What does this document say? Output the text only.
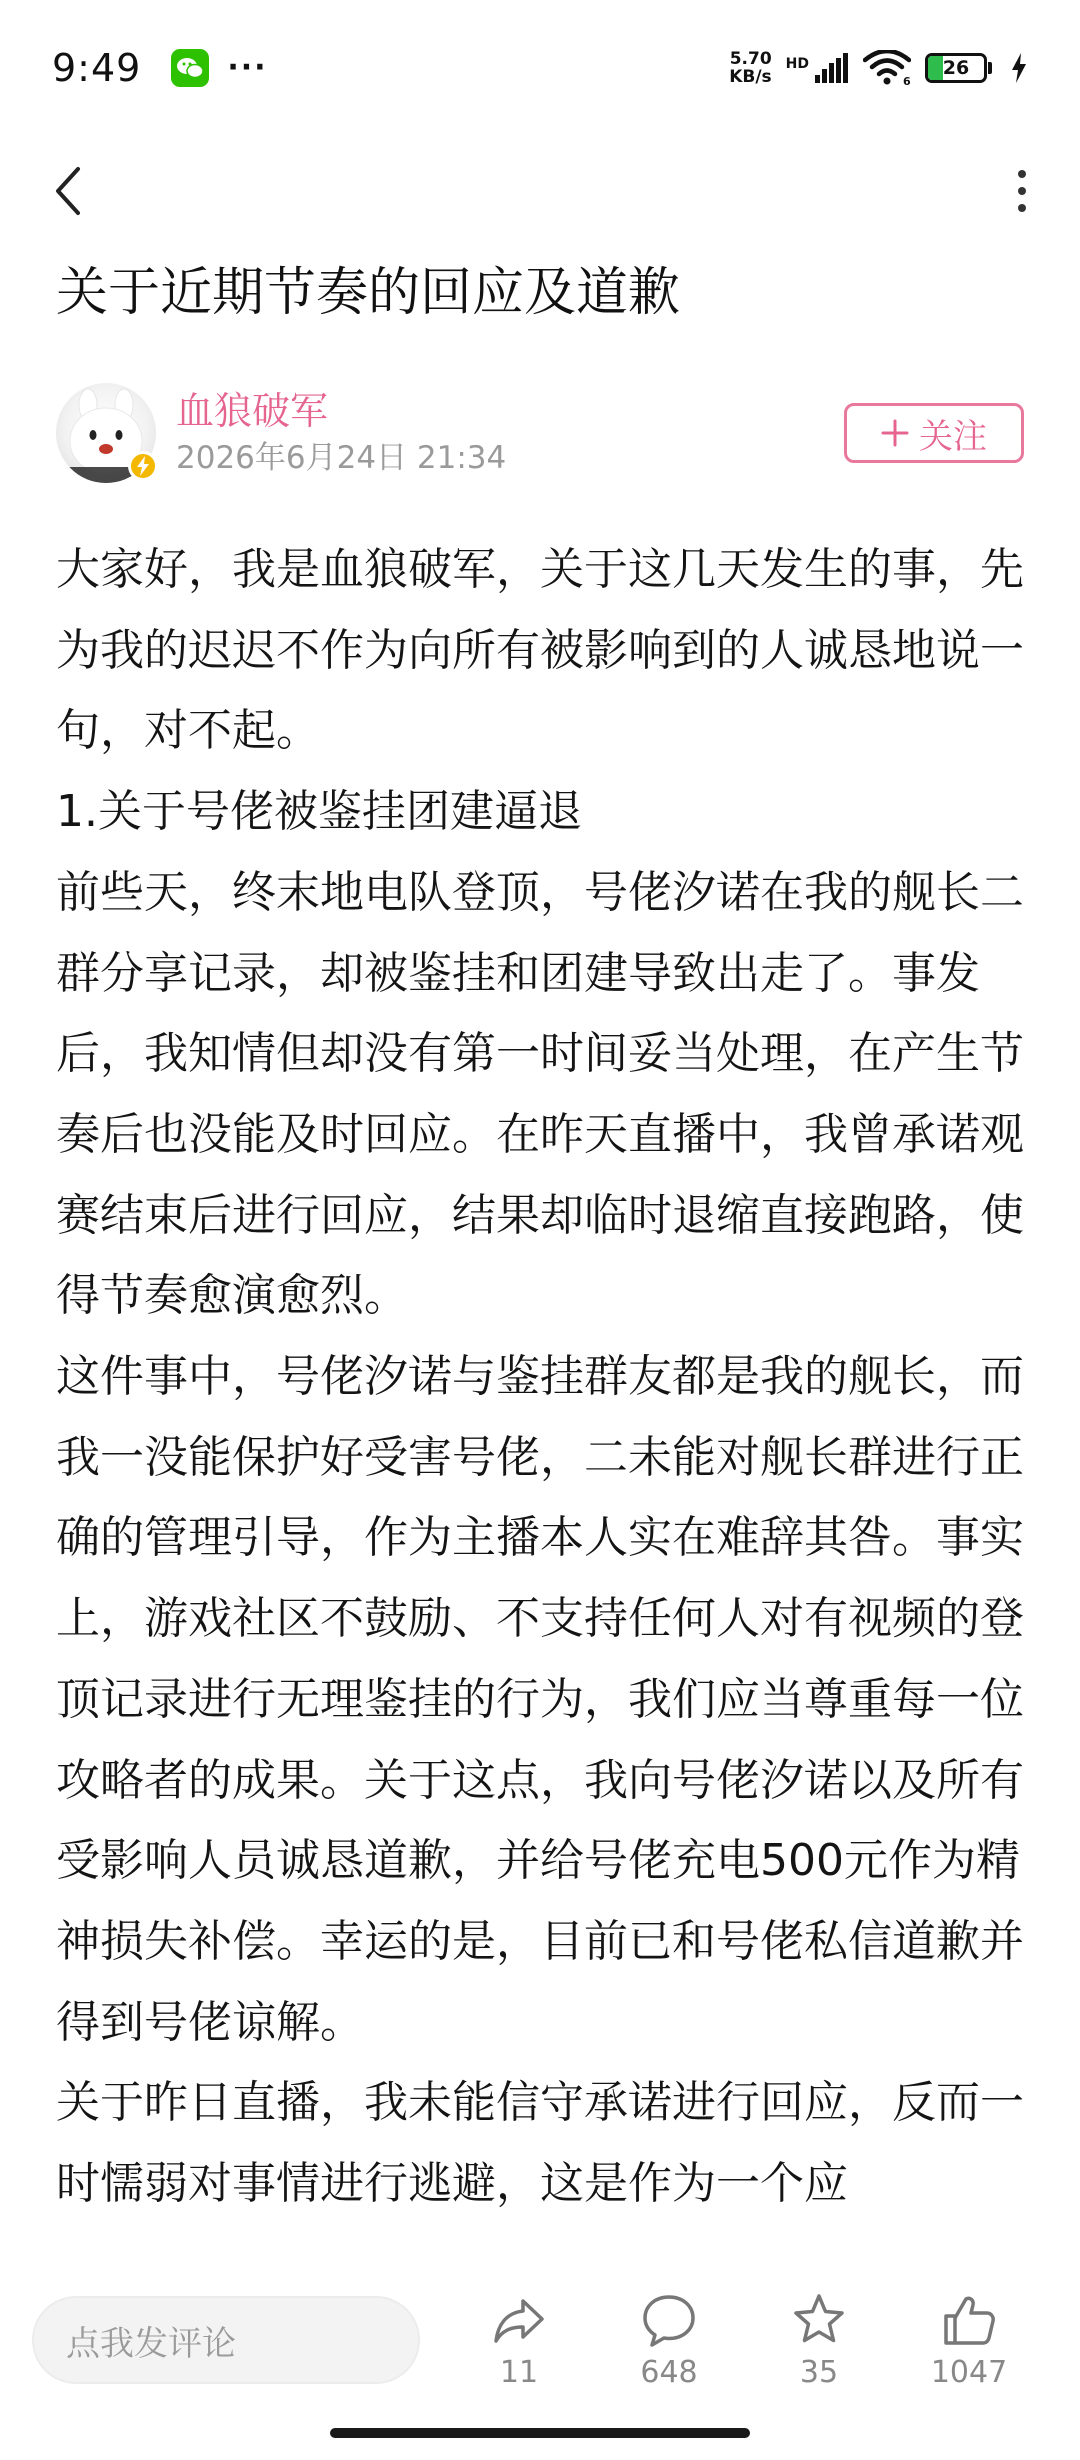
9:49	···	5.70
KB/s
HD
6
26
关于近期节奏的回应及道歉
血狼破军
2026年6月24日 21:34
关注

大家好，我是血狼破军，关于这几天发生的事，先为我的迟迟不作为向所有被影响到的人诚恳地说一句，对不起。

1.关于号佬被鉴挂团建逼退

前些天，终末地电队登顶，号佬汐诺在我的舰长二群分享记录，却被鉴挂和团建导致出走了。事发后，我知情但却没有第一时间妥当处理，在产生节奏后也没能及时回应。在昨天直播中，我曾承诺观赛结束后进行回应，结果却临时退缩直接跑路，使得节奏愈演愈烈。

这件事中，号佬汐诺与鉴挂群友都是我的舰长，而我一没能保护好受害号佬，二未能对舰长群进行正确的管理引导，作为主播本人实在难辞其咎。事实上，游戏社区不鼓励、不支持任何人对有视频的登顶记录进行无理鉴挂的行为，我们应当尊重每一位攻略者的成果。关于这点，我向号佬汐诺以及所有受影响人员诚恳道歉，并给号佬充电500元作为精神损失补偿。幸运的是，目前已和号佬私信道歉并得到号佬谅解。

关于昨日直播，我未能信守承诺进行回应，反而一时懦弱对事情进行逃避，这是作为一个应

点我发评论
11	648	35	1047
